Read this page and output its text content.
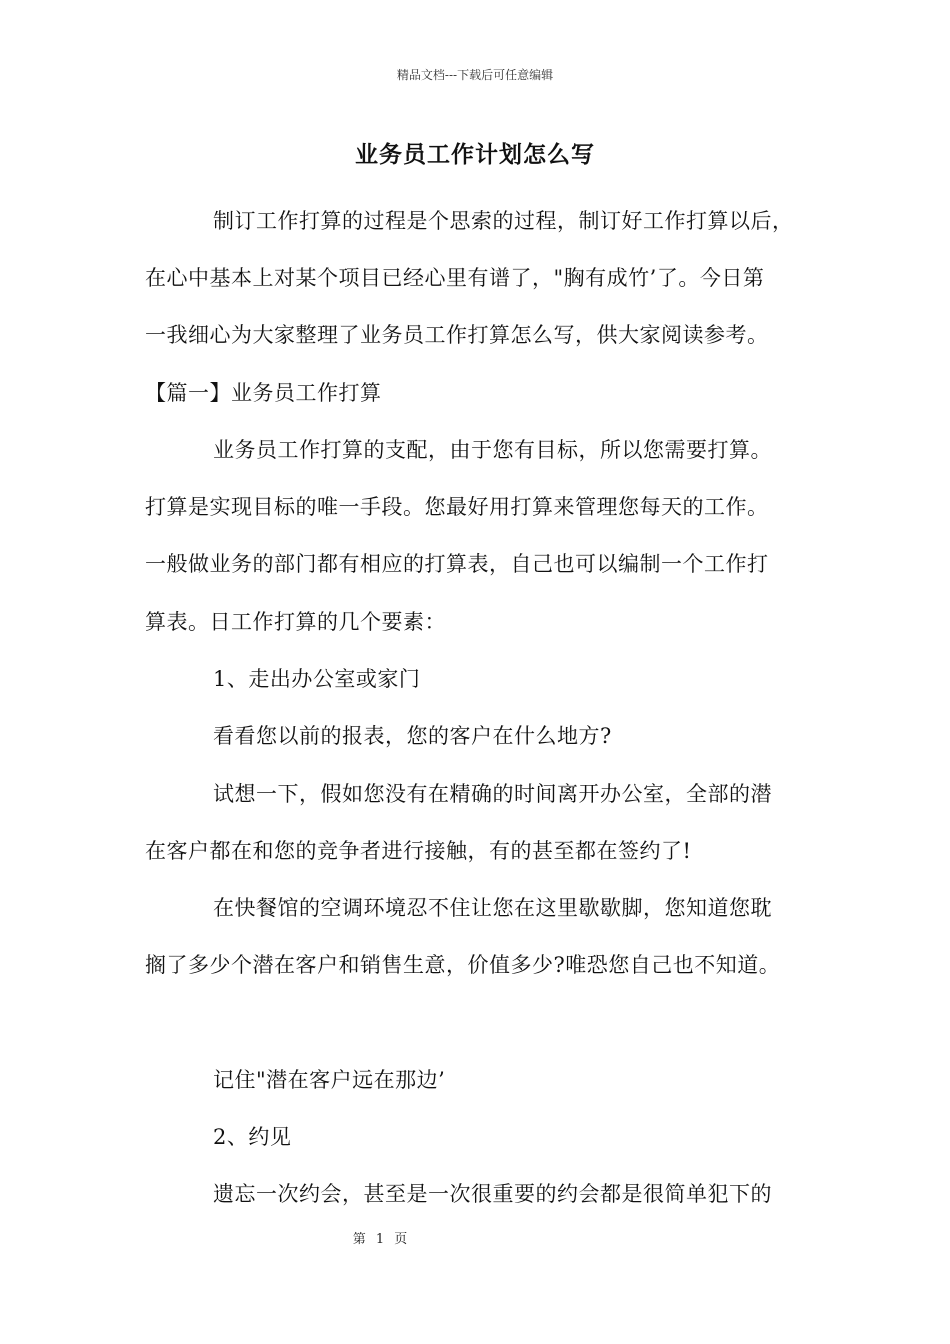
精品文档---下载后可任意编辑
业务员工作计划怎么写
制订工作打算的过程是个思索的过程，制订好工作打算以后，
在心中基本上对某个项目已经心里有谱了，"胸有成竹’了。今日第
一我细心为大家整理了业务员工作打算怎么写，供大家阅读参考。
【篇一】业务员工作打算
业务员工作打算的支配，由于您有目标，所以您需要打算。
打算是实现目标的唯一手段。您最好用打算来管理您每天的工作。
一般做业务的部门都有相应的打算表，自己也可以编制一个工作打
算表。日工作打算的几个要素：
1、走出办公室或家门
看看您以前的报表，您的客户在什么地方?
试想一下，假如您没有在精确的时间离开办公室，全部的潜
在客户都在和您的竞争者进行接触，有的甚至都在签约了!
在快餐馆的空调环境忍不住让您在这里歇歇脚，您知道您耽
搁了多少个潜在客户和销售生意，价值多少?唯恐您自己也不知道。
记住"潜在客户远在那边’
2、约见
遗忘一次约会，甚至是一次很重要的约会都是很简单犯下的
第 1 页
